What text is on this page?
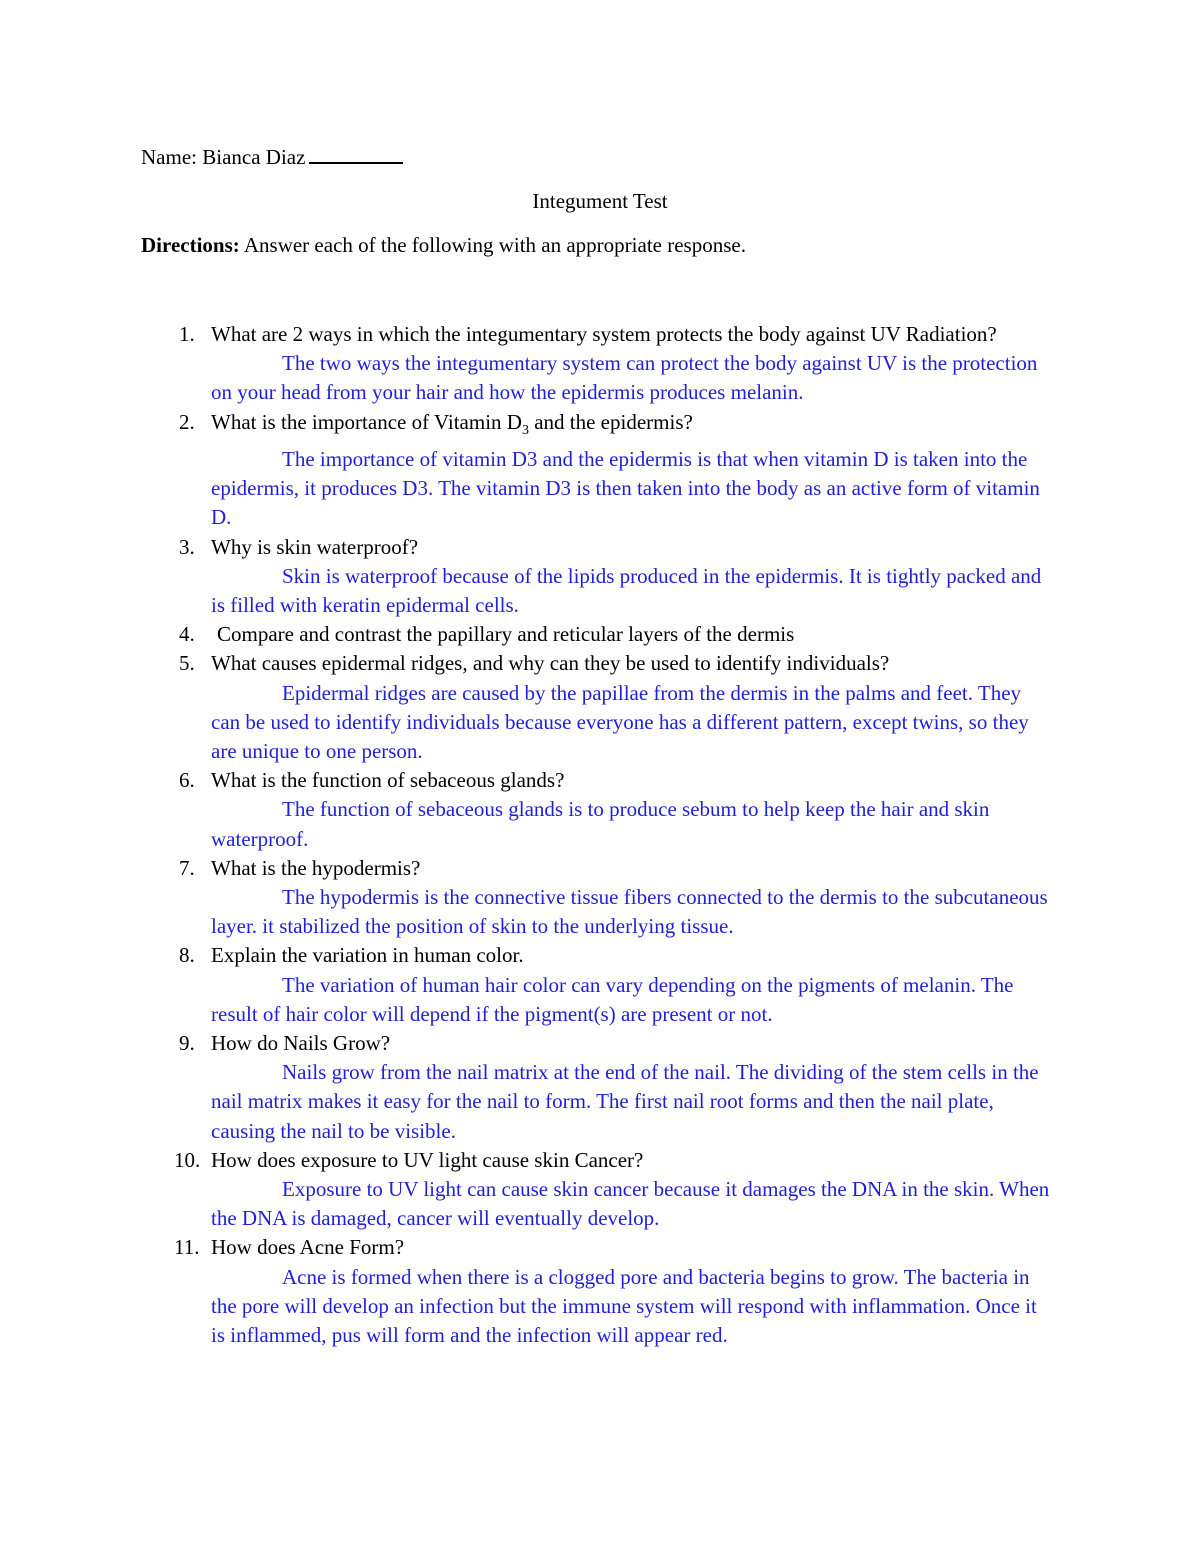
Name: Bianca Diaz
Integument Test
Directions: Answer each of the following with an appropriate response.
1. What are 2 ways in which the integumentary system protects the body against UV Radiation?
The two ways the integumentary system can protect the body against UV is the protection on your head from your hair and how the epidermis produces melanin.
2. What is the importance of Vitamin $D_3$ and the epidermis?
The importance of vitamin D3 and the epidermis is that when vitamin D is taken into the epidermis, it produces D3. The vitamin D3 is then taken into the body as an active form of vitamin D.
3. Why is skin waterproof?
Skin is waterproof because of the lipids produced in the epidermis. It is tightly packed and is filled with keratin epidermal cells.
4. Compare and contrast the papillary and reticular layers of the dermis
5. What causes epidermal ridges, and why can they be used to identify individuals?
Epidermal ridges are caused by the papillae from the dermis in the palms and feet. They can be used to identify individuals because everyone has a different pattern, except twins, so they are unique to one person.
6. What is the function of sebaceous glands?
The function of sebaceous glands is to produce sebum to help keep the hair and skin waterproof.
7. What is the hypodermis?
The hypodermis is the connective tissue fibers connected to the dermis to the subcutaneous layer. it stabilized the position of skin to the underlying tissue.
8. Explain the variation in human color.
The variation of human hair color can vary depending on the pigments of melanin. The result of hair color will depend if the pigment(s) are present or not.
9. How do Nails Grow?
Nails grow from the nail matrix at the end of the nail. The dividing of the stem cells in the nail matrix makes it easy for the nail to form. The first nail root forms and then the nail plate, causing the nail to be visible.
10. How does exposure to UV light cause skin Cancer?
Exposure to UV light can cause skin cancer because it damages the DNA in the skin. When the DNA is damaged, cancer will eventually develop.
11. How does Acne Form?
Acne is formed when there is a clogged pore and bacteria begins to grow. The bacteria in the pore will develop an infection but the immune system will respond with inflammation. Once it is inflammed, pus will form and the infection will appear red.
